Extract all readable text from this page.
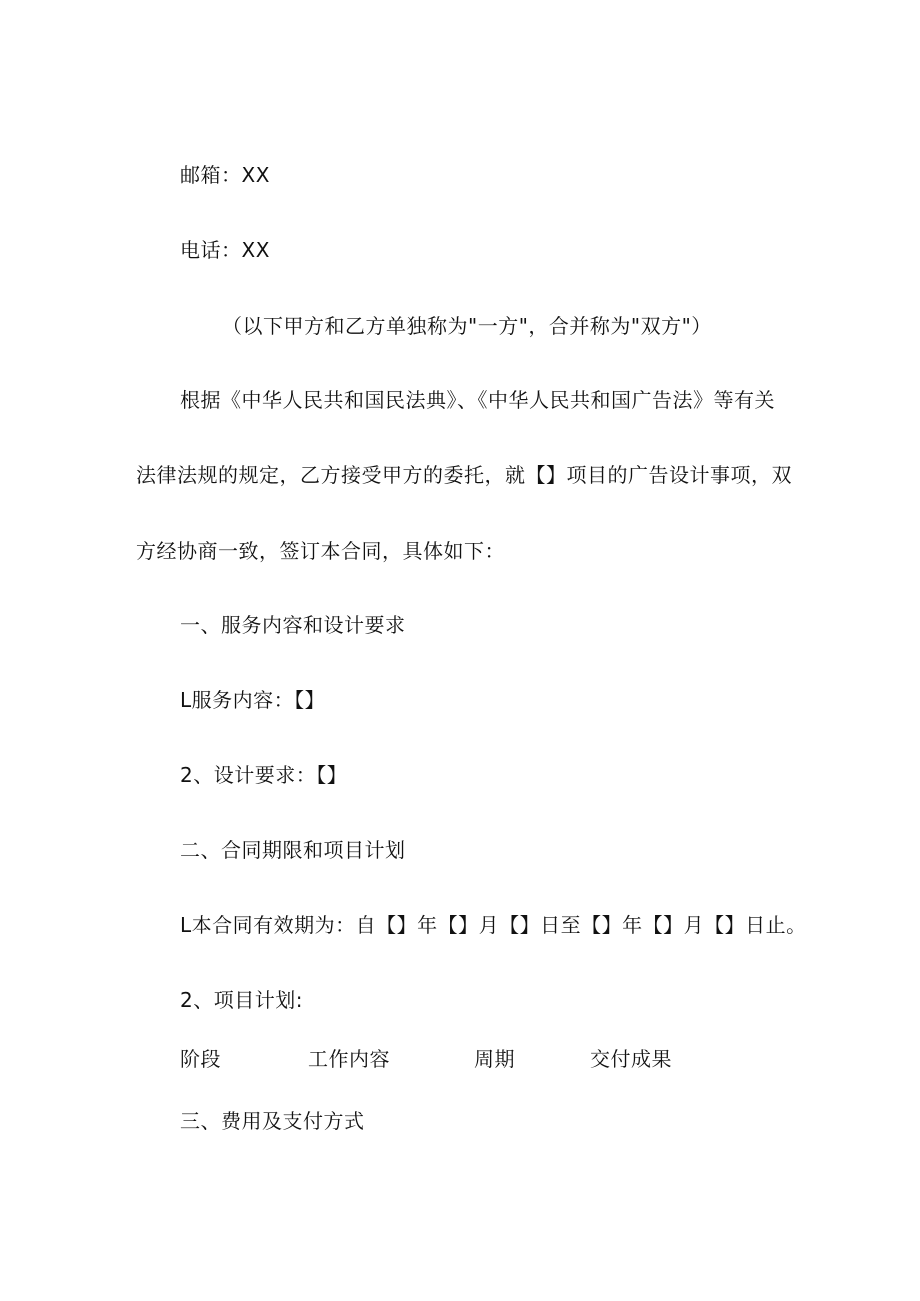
邮箱：XX
电话：XX
（以下甲方和乙方单独称为"一方"，合并称为"双方"）
根据《中华人民共和国民法典》、《中华人民共和国广告法》等有关
法律法规的规定，乙方接受甲方的委托，就【】项目的广告设计事项，双
方经协商一致，签订本合同，具体如下：
一、服务内容和设计要求
L服务内容：【】
2、设计要求：【】
二、合同期限和项目计划
L本合同有效期为：自【】年【】月【】日至【】年【】月【】日止。
2、项目计划:
阶段	工作内容	周期	交付成果
三、费用及支付方式
